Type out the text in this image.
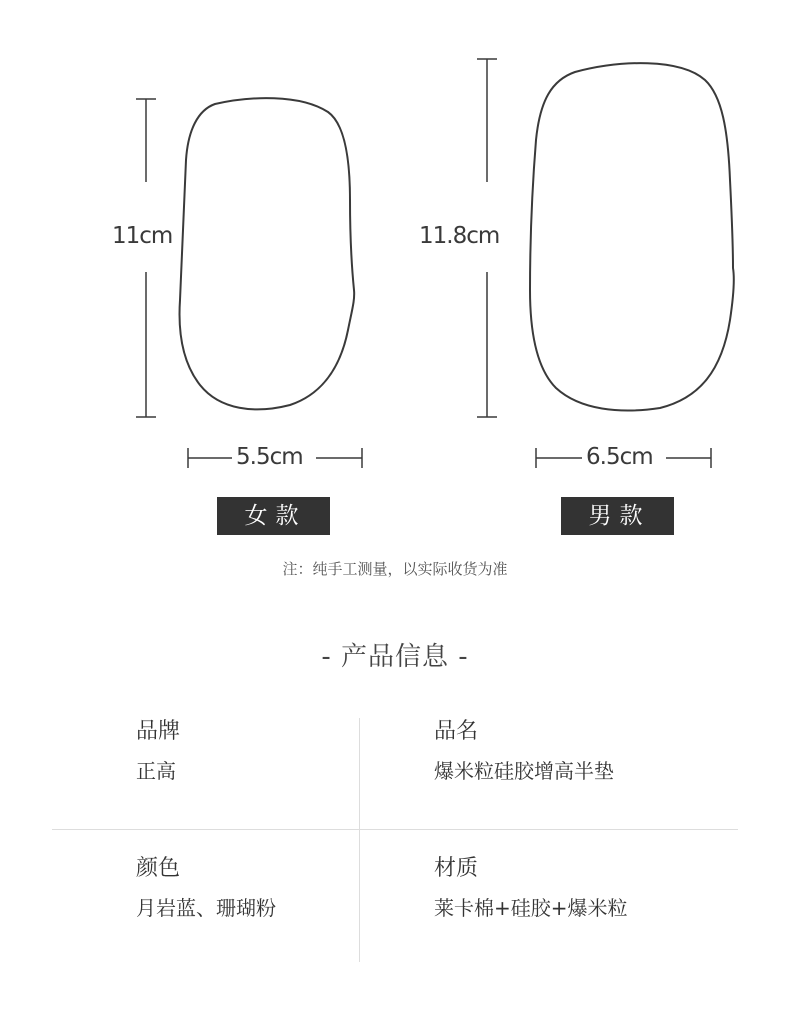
11cm	11.8cm
5.5cm	6.5cm
女款	男款
注：纯手工测量，以实际收货为准
- 产品信息 -
品牌
正高
品名
爆米粒硅胶增高半垫
颜色
月岩蓝、珊瑚粉
材质
莱卡棉+硅胶+爆米粒
